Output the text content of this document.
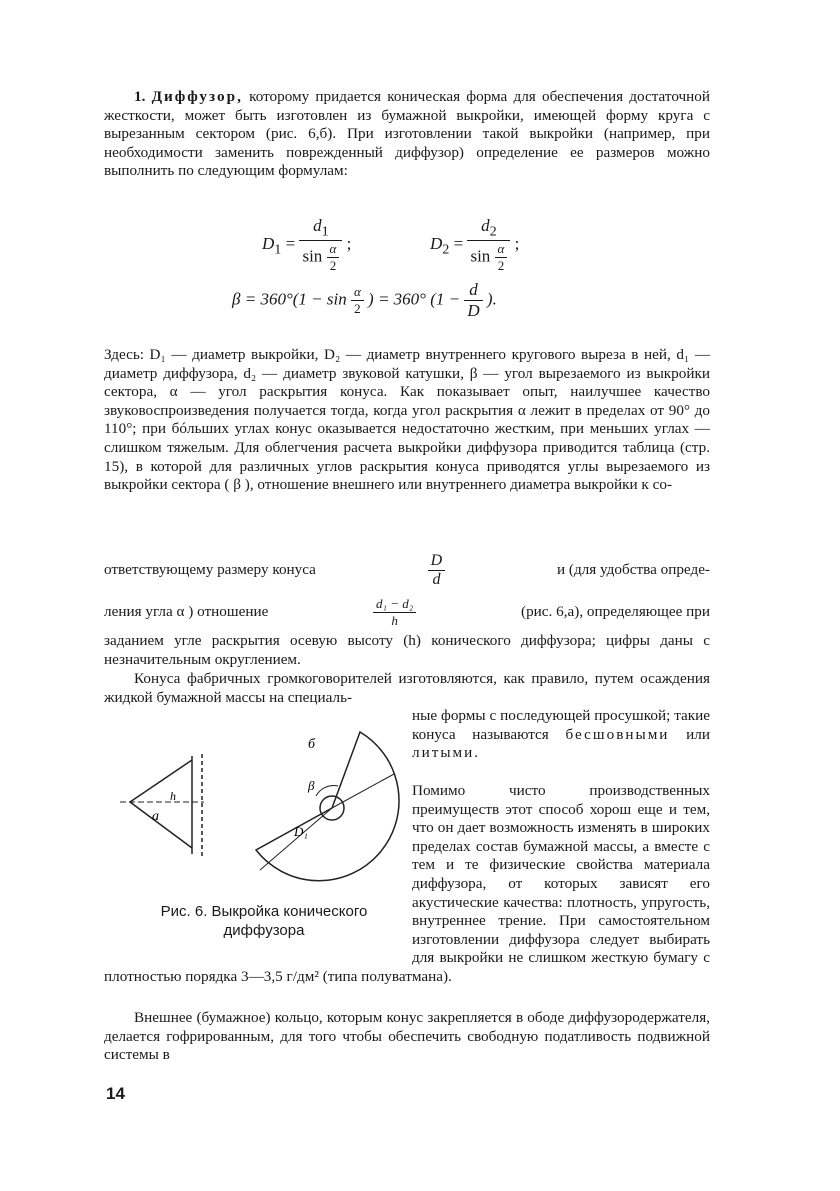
1. Диффузор, которому придается коническая форма для обеспечения достаточной жесткости, может быть изготовлен из бумажной выкройки, имеющей форму круга с вырезанным сектором (рис. 6,б). При изготовлении такой выкройки (например, при необходимости заменить поврежденный диффузор) определение ее размеров можно выполнить по следующим формулам:

$D_1 = \frac{d_1}{\sin \frac{\alpha}{2}}$ ;	$D_2 = \frac{d_2}{\sin \frac{\alpha}{2}}$ ;
$\beta = 360^\circ(1 - \sin \frac{\alpha}{2}$ ) = 360° ($1 - \frac{d}{D}$ ).

Здесь: D₁ — диаметр выкройки, D₂ — диаметр внутреннего кругового выреза в ней, d₁ — диаметр диффузора, d₂ — диаметр звуковой катушки, β — угол вырезаемого из выкройки сектора, α — угол раскрытия конуса. Как показывает опыт, наилучшее качество звуковоспроизведения получается тогда, когда угол раскрытия α лежит в пределах от 90° до 110°; при бóльших углах конус оказывается недостаточно жестким, при меньших углах — слишком тяжелым. Для облегчения расчета выкройки диффузора приводится таблица (стр. 15), в которой для различных углов раскрытия конуса приводятся углы вырезаемого из выкройки сектора ( β ), отношение внешнего или внутреннего диаметра выкройки к со-

ответствующему размеру конуса	$\frac{D}{d}$	и (для удобства опреде-
ления угла α ) отношение	$\frac{\text{d₁ − d₂}}{h}$	(рис. 6,а), определяющее при

заданием угле раскрытия осевую высоту (h) конического диффузора; цифры даны с незначительным округлением.

Конуса фабричных громкоговорителей изготовляются, как правило, путем осаждения жидкой бумажной массы на специаль-

ные формы с последующей просушкой; такие конуса называются бесшовными или литыми.

Помимо чисто производственных преимуществ этот способ хорош еще и тем, что он дает возможность изменять в широких пределах состав бумажной массы, а вместе с тем и те физические свойства материала диффузора, от которых зависят его акустические качества: плотность, упругость, внутреннее трение. При самостоятельном изготовлении диффузора следует выбирать для выкройки не слишком жесткую бумагу с плотностью порядка 3—3,5 г/дм² (типа полуватмана).

а
h
β
б
D₁
Рис. 6. Выкройка конического
диффузора

Внешнее (бумажное) кольцо, которым конус закрепляется в ободе диффузородержателя, делается гофрированным, для того чтобы обеспечить свободную податливость подвижной системы в

14
